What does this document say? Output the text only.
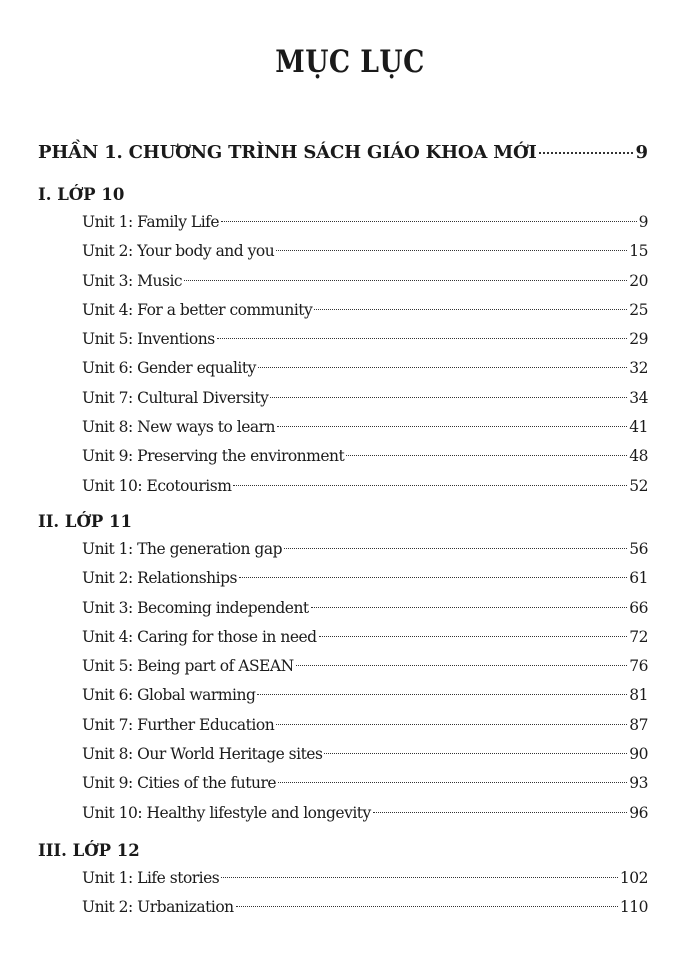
MỤC LỤC
PHẦN 1. CHƯƠNG TRÌNH SÁCH GIÁO KHOA MỚI	9
I. LỚP 10
Unit 1: Family Life	9
Unit 2: Your body and you	15
Unit 3: Music	20
Unit 4: For a better community	25
Unit 5: Inventions	29
Unit 6: Gender equality	32
Unit 7: Cultural Diversity	34
Unit 8: New ways to learn	41
Unit 9: Preserving the environment	48
Unit 10: Ecotourism	52
II. LỚP 11
Unit 1: The generation gap	56
Unit 2: Relationships	61
Unit 3: Becoming independent	66
Unit 4: Caring for those in need	72
Unit 5: Being part of ASEAN	76
Unit 6: Global warming	81
Unit 7: Further Education	87
Unit 8: Our World Heritage sites	90
Unit 9: Cities of the future	93
Unit 10: Healthy lifestyle and longevity	96
III. LỚP 12
Unit 1: Life stories	102
Unit 2: Urbanization	110
